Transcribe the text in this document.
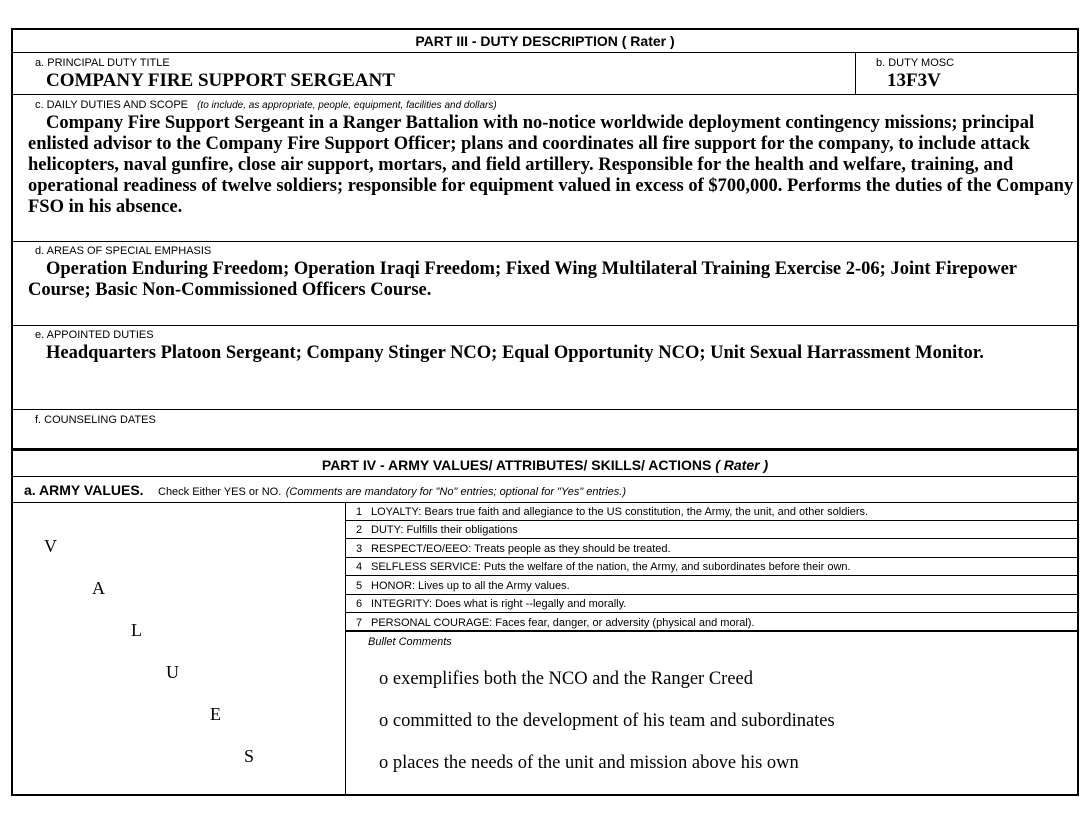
PART III - DUTY DESCRIPTION ( Rater )
a. PRINCIPAL DUTY TITLE
COMPANY FIRE SUPPORT SERGEANT
b. DUTY MOSC
13F3V
c. DAILY DUTIES AND SCOPE (to include, as appropriate, people, equipment, facilities and dollars)
Company Fire Support Sergeant in a Ranger Battalion with no-notice worldwide deployment contingency missions; principal enlisted advisor to the Company Fire Support Officer; plans and coordinates all fire support for the company, to include attack helicopters, naval gunfire, close air support, mortars, and field artillery. Responsible for the health and welfare, training, and operational readiness of twelve soldiers; responsible for equipment valued in excess of $700,000. Performs the duties of the Company FSO in his absence.
d. AREAS OF SPECIAL EMPHASIS
Operation Enduring Freedom; Operation Iraqi Freedom; Fixed Wing Multilateral Training Exercise 2-06; Joint Firepower Course; Basic Non-Commissioned Officers Course.
e. APPOINTED DUTIES
Headquarters Platoon Sergeant; Company Stinger NCO; Equal Opportunity NCO; Unit Sexual Harrassment Monitor.
f. COUNSELING DATES
PART IV - ARMY VALUES/ ATTRIBUTES/ SKILLS/ ACTIONS ( Rater )
a. ARMY VALUES. Check Either YES or NO. (Comments are mandatory for "No" entries; optional for "Yes" entries.)
V
A
L
U
E
S
1 LOYALTY: Bears true faith and allegiance to the US constitution, the Army, the unit, and other soldiers.
2 DUTY: Fulfills their obligations
3 RESPECT/EO/EEO: Treats people as they should be treated.
4 SELFLESS SERVICE: Puts the welfare of the nation, the Army, and subordinates before their own.
5 HONOR: Lives up to all the Army values.
6 INTEGRITY: Does what is right --legally and morally.
7 PERSONAL COURAGE: Faces fear, danger, or adversity (physical and moral).
Bullet Comments
o exemplifies both the NCO and the Ranger Creed
o committed to the development of his team and subordinates
o places the needs of the unit and mission above his own
